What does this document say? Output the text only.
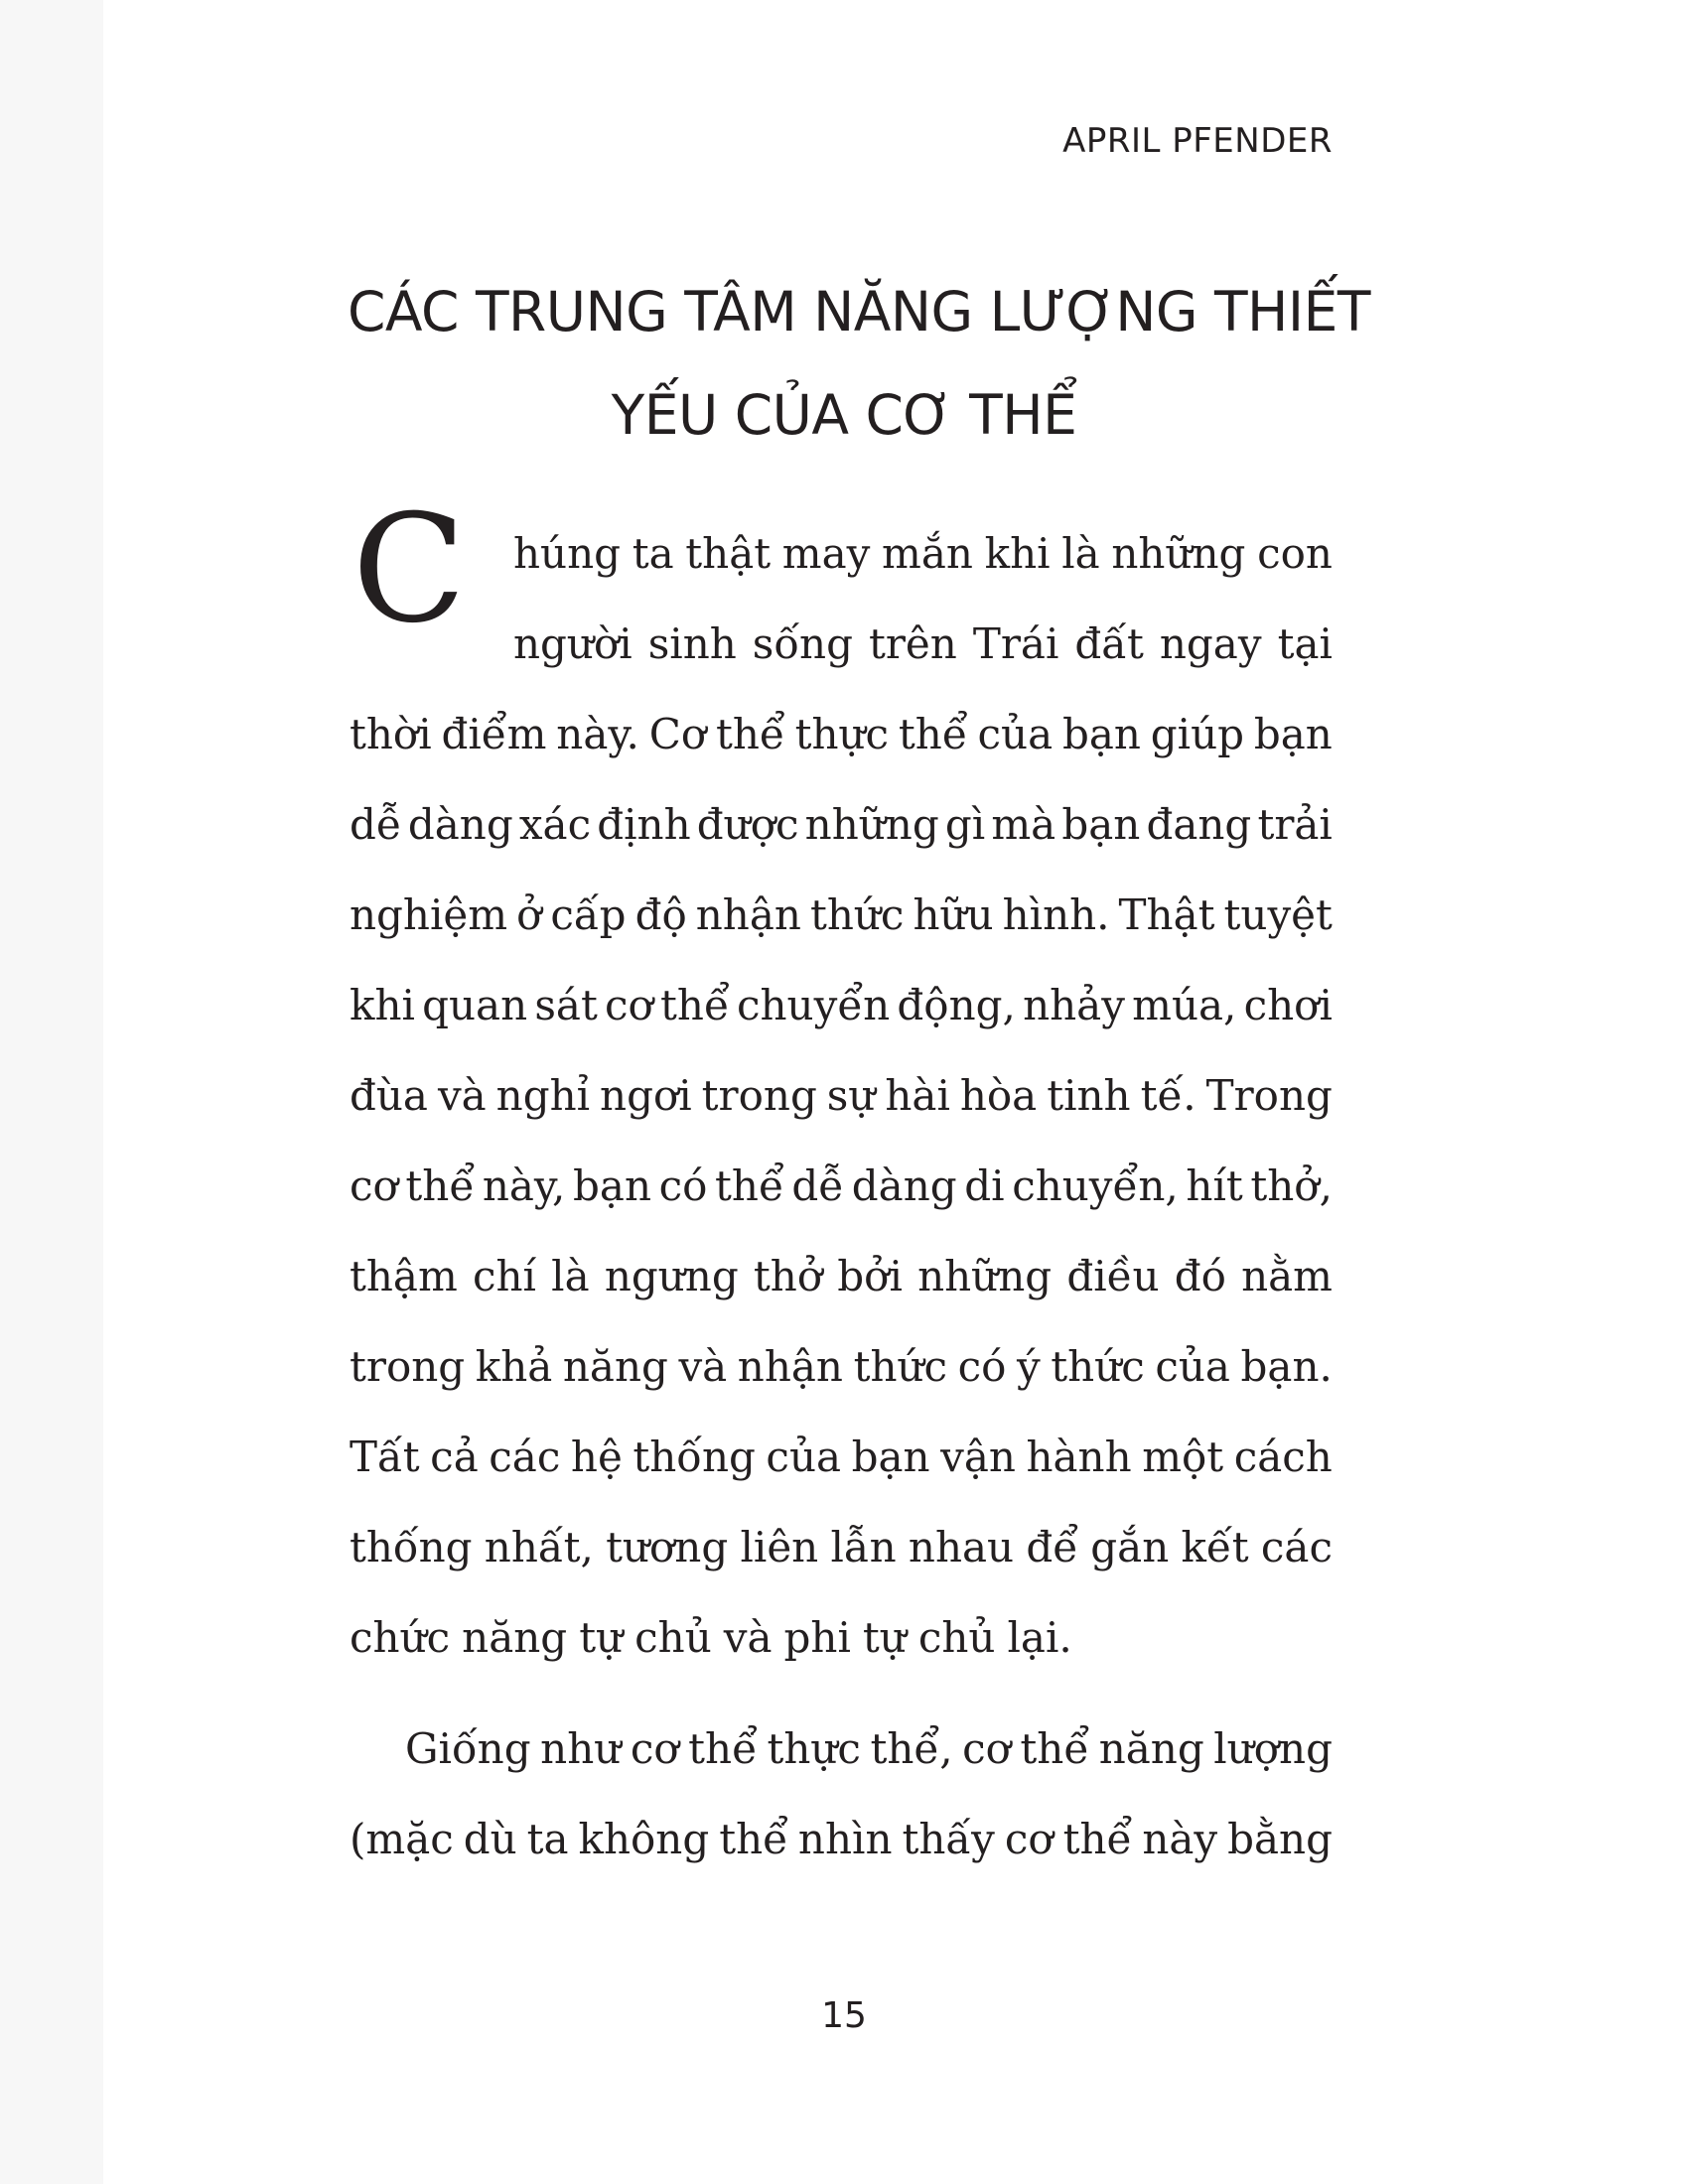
APRIL PFENDER

CÁC TRUNG TÂM NĂNG LƯỢNG THIẾT
YẾU CỦA CƠ THỂ
C húng ta thật may mắn khi là những con
người sinh sống trên Trái đất ngay tại
thời điểm này. Cơ thể thực thể của bạn giúp bạn
dễ dàng xác định được những gì mà bạn đang trải
nghiệm ở cấp độ nhận thức hữu hình. Thật tuyệt
khi quan sát cơ thể chuyển động, nhảy múa, chơi
đùa và nghỉ ngơi trong sự hài hòa tinh tế. Trong
cơ thể này, bạn có thể dễ dàng di chuyển, hít thở,
thậm chí là ngưng thở bởi những điều đó nằm
trong khả năng và nhận thức có ý thức của bạn.
Tất cả các hệ thống của bạn vận hành một cách
thống nhất, tương liên lẫn nhau để gắn kết các
chức năng tự chủ và phi tự chủ lại.
Giống như cơ thể thực thể, cơ thể năng lượng
(mặc dù ta không thể nhìn thấy cơ thể này bằng

15
